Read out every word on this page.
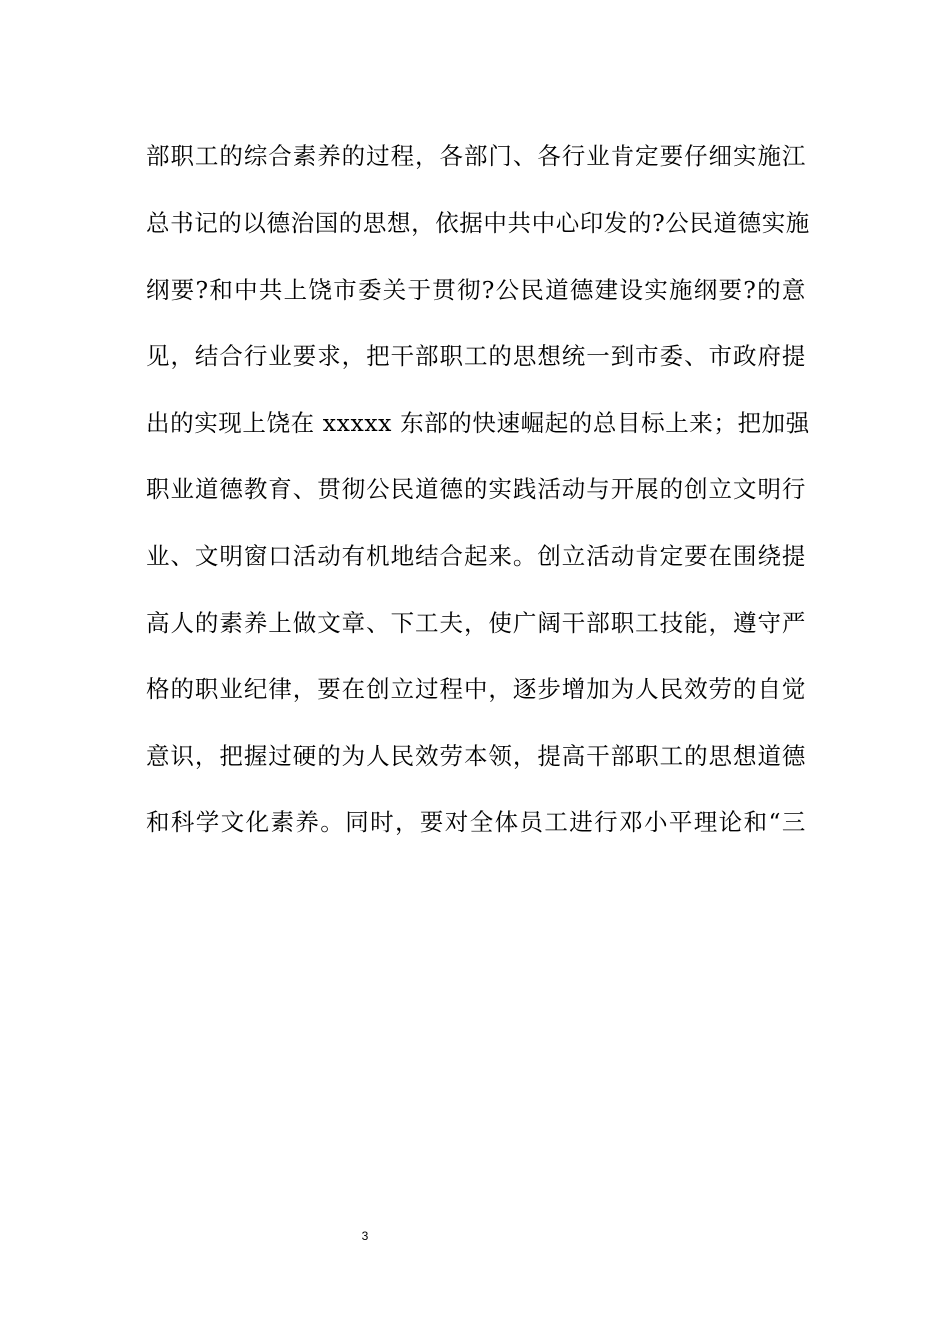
部职工的综合素养的过程，各部门、各行业肯定要仔细实施江
总书记的以德治国的思想，依据中共中心印发的?公民道德实施
纲要?和中共上饶市委关于贯彻?公民道德建设实施纲要?的意
见，结合行业要求，把干部职工的思想统一到市委、市政府提
出的实现上饶在 xxxxx 东部的快速崛起的总目标上来；把加强
职业道德教育、贯彻公民道德的实践活动与开展的创立文明行
业、文明窗口活动有机地结合起来。创立活动肯定要在围绕提
高人的素养上做文章、下工夫，使广阔干部职工技能，遵守严
格的职业纪律，要在创立过程中，逐步增加为人民效劳的自觉
意识，把握过硬的为人民效劳本领，提高干部职工的思想道德
和科学文化素养。同时，要对全体员工进行邓小平理论和“三
3
